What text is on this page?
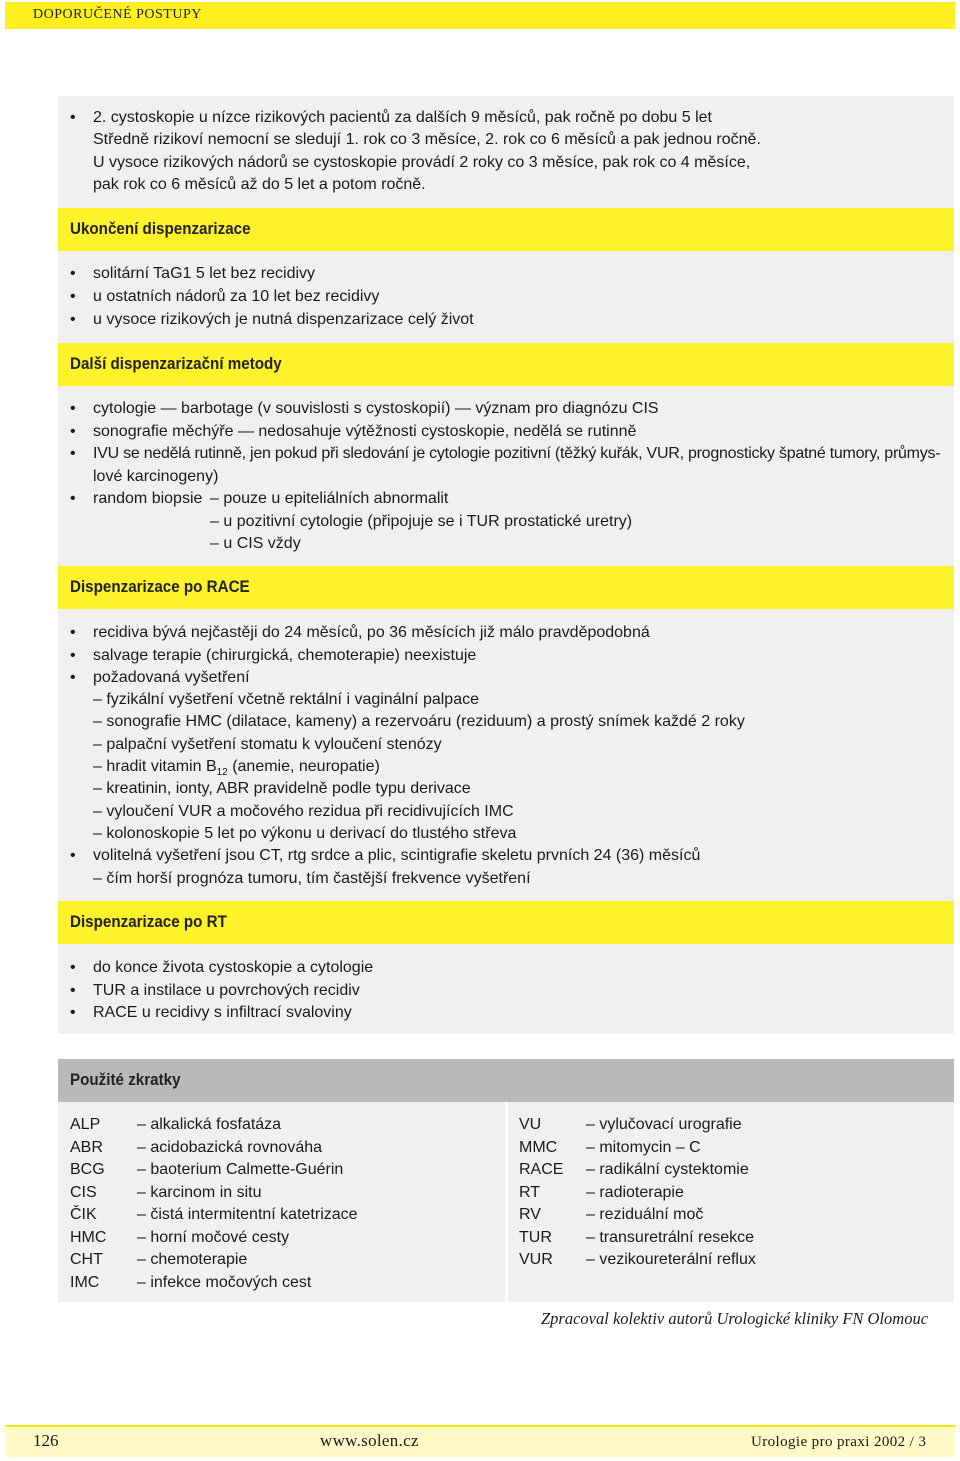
DOPORUČENÉ POSTUPY
• 2. cystoskopie u nízce rizikových pacientů za dalších 9 měsíců, pak ročně po dobu 5 let
Středně rizikoví nemocní se sledují 1. rok co 3 měsíce, 2. rok co 6 měsíců a pak jednou ročně.
U vysoce rizikových nádorů se cystoskopie provádí 2 roky co 3 měsíce, pak rok co 4 měsíce,
pak rok co 6 měsíců až do 5 let a potom ročně.
Ukončení dispenzarizace
• solitární TaG1 5 let bez recidivy
• u ostatních nádorů za 10 let bez recidivy
• u vysoce rizikových je nutná dispenzarizace celý život
Další dispenzarizační metody
• cytologie — barbotage (v souvislosti s cystoskopií) — význam pro diagnózu CIS
• sonografie měchýře — nedosahuje výtěžnosti cystoskopie, nedělá se rutinně
• IVU se nedělá rutinně, jen pokud při sledování je cytologie pozitivní (těžký kuřák, VUR, prognosticky špatné tumory, průmys-
lové karcinogeny)
• random biopsie – pouze u epiteliálních abnormalit
– u pozitivní cytologie (připojuje se i TUR prostatické uretry)
– u CIS vždy
Dispenzarizace po RACE
• recidiva bývá nejčastěji do 24 měsíců, po 36 měsících již málo pravděpodobná
• salvage terapie (chirurgická, chemoterapie) neexistuje
• požadovaná vyšetření
– fyzikální vyšetření včetně rektální i vaginální palpace
– sonografie HMC (dilatace, kameny) a rezervoáru (reziduum) a prostý snímek každé 2 roky
– palpační vyšetření stomatu k vyloučení stenózy
– hradit vitamin $B_{12}$ (anemie, neuropatie)
– kreatinin, ionty, ABR pravidelně podle typu derivace
– vyloučení VUR a močového rezidua při recidivujících IMC
– kolonoskopie 5 let po výkonu u derivací do tlustého střeva
• volitelná vyšetření jsou CT, rtg srdce a plic, scintigrafie skeletu prvních 24 (36) měsíců
– čím horší prognóza tumoru, tím častější frekvence vyšetření
Dispenzarizace po RT
• do konce života cystoskopie a cytologie
• TUR a instilace u povrchových recidiv
• RACE u recidivy s infiltrací svaloviny
Použité zkratky
ALP – alkalická fosfatáza
ABR – acidobazická rovnováha
BCG – baoterium Calmette-Guérin
CIS	– karcinom in situ
ČIK	– čistá intermitentní katetrizace
HMC – horní močové cesty
CHT – chemoterapie
IMC – infekce močových cest
VU	– vylučovací urografie
MMC – mitomycin – C
RACE – radikální cystektomie
RT	– radioterapie
RV	– reziduální moč
TUR – transuretrální resekce
VUR – vezikoureterální reflux
Zpracoval kolektiv autorů Urologické kliniky FN Olomouc
126	www.solen.cz	Urologie pro praxi 2002 / 3
